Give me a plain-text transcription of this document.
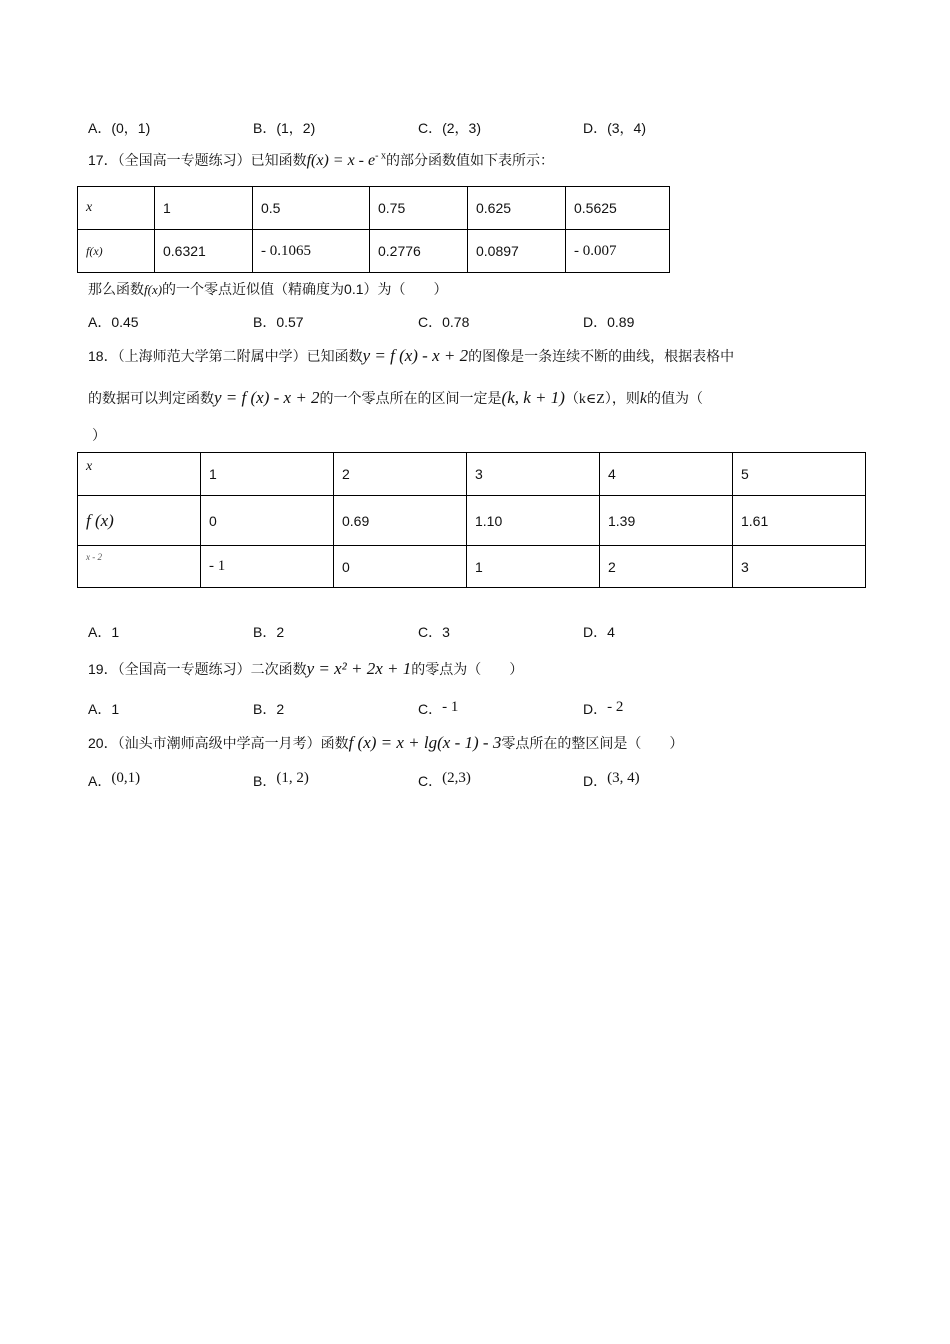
A．(0，1)	B．(1，2)	C．(2，3)	D．(3，4)
17．（全国高一专题练习）已知函数$f(x) = x - e^{- x}$的部分函数值如下表所示：
x	1	0.5	0.75	0.625	0.5625
f(x)	0.6321	- 0.1065	0.2776	0.0897	- 0.007
那么函数f(x)的一个零点近似值（精确度为0.1）为（　　）
A．0.45	B．0.57	C．0.78	D．0.89
18．（上海师范大学第二附属中学）已知函数y = f (x) - x + 2的图像是一条连续不断的曲线，根据表格中
的数据可以判定函数y = f (x) - x + 2的一个零点所在的区间一定是(k, k + 1)（k∈Z），则k的值为（
）
x	1	2	3	4	5
f (x)	0	0.69	1.10	1.39	1.61
x - 2	- 1	0	1	2	3
A．1	B．2	C．3	D．4
19．（全国高一专题练习）二次函数y = x² + 2x + 1的零点为（　　）
A．1	B．2	C．- 1	D．- 2
20．（汕头市潮师高级中学高一月考）函数f (x) = x + lg(x - 1) - 3零点所在的整区间是（　　）
A．(0,1)	B．(1, 2)	C．(2,3)	D．(3, 4)
